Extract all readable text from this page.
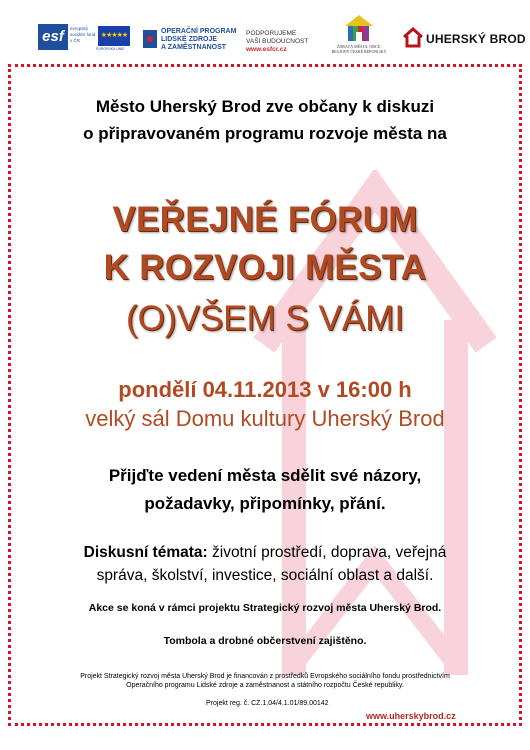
esf	evropský sociální fond v ČR
★★★★★
EVROPSKÁ UNIE
OPERAČNÍ PROGRAM
LIDSKÉ ZDROJE
A ZAMĚSTNANOST
PODPORUJEME
VAŠI BUDOUCNOST
www.esfcr.cz	ZDRAVÁ MĚSTA, OBCE, REGIONY ČESKÉ REPUBLIKY
UHERSKÝ BROD
Město Uherský Brod zve občany k diskuzi
o připravovaném programu rozvoje města na
VEŘEJNÉ FÓRUM
K ROZVOJI MĚSTA
(O)VŠEM S VÁMI
pondělí 04.11.2013 v 16:00 h
velký sál Domu kultury Uherský Brod
Přijďte vedení města sdělit své názory,
požadavky, připomínky, přání.
Diskusní témata: životní prostředí, doprava, veřejná
správa, školství, investice, sociální oblast a další.
Akce se koná v rámci projektu Strategický rozvoj města Uherský Brod.
Tombola a drobné občerstvení zajištěno.
Projekt Strategický rozvoj města Uherský Brod je financován z prostředků Evropského sociálního fondu prostřednictvím
Operačního programu Lidské zdroje a zaměstnanost a státního rozpočtu České republiky.
Projekt reg. č. CZ.1.04/4.1.01/89.00142
www.uherskybrod.cz
